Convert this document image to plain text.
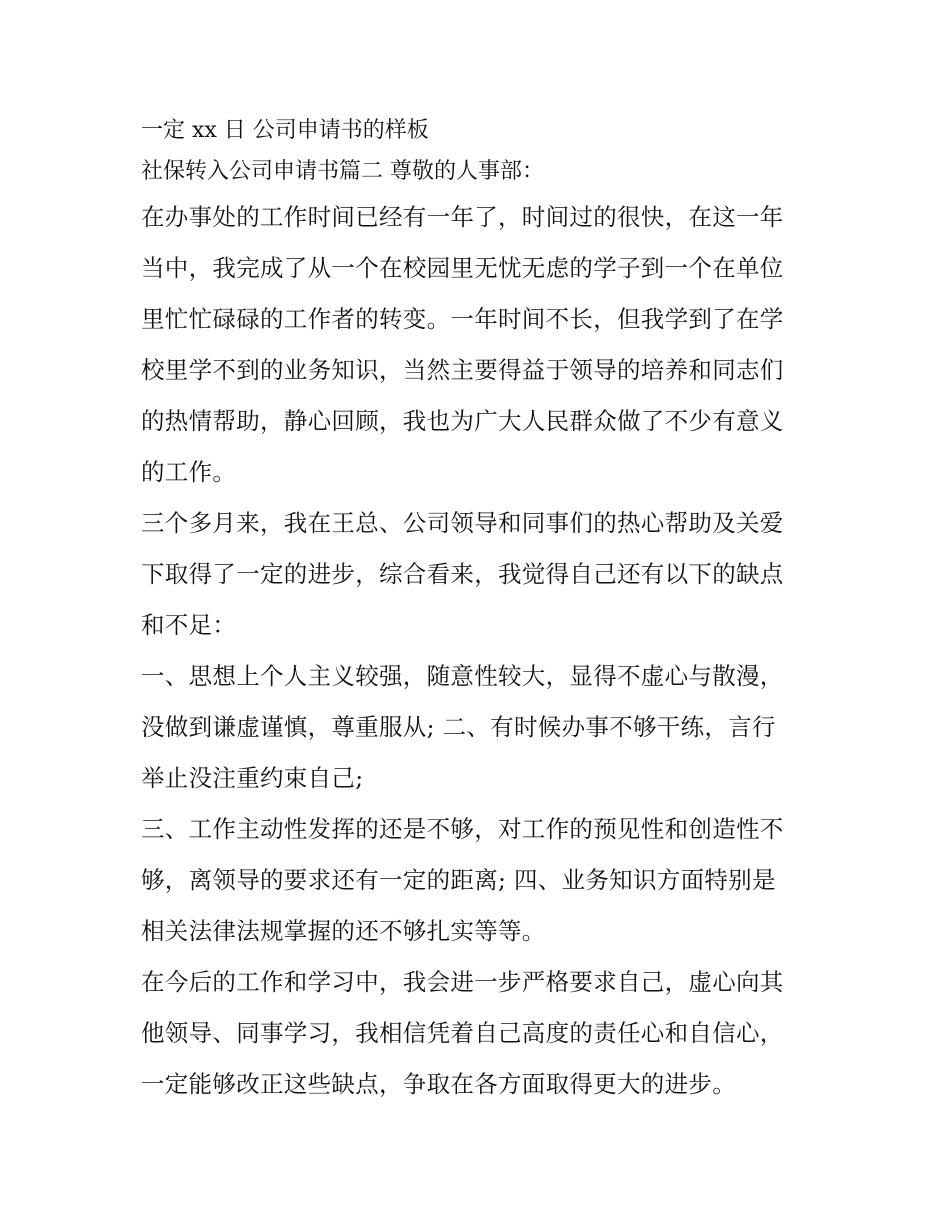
一定 xx 日 公司申请书的样板
社保转入公司申请书篇二 尊敬的人事部：
在办事处的工作时间已经有一年了，时间过的很快，在这一年
当中，我完成了从一个在校园里无忧无虑的学子到一个在单位
里忙忙碌碌的工作者的转变。一年时间不长，但我学到了在学
校里学不到的业务知识，当然主要得益于领导的培养和同志们
的热情帮助，静心回顾，我也为广大人民群众做了不少有意义
的工作。
三个多月来，我在王总、公司领导和同事们的热心帮助及关爱
下取得了一定的进步，综合看来，我觉得自己还有以下的缺点
和不足：
一、思想上个人主义较强，随意性较大，显得不虚心与散漫，
没做到谦虚谨慎，尊重服从; 二、有时候办事不够干练，言行
举止没注重约束自己;
三、工作主动性发挥的还是不够，对工作的预见性和创造性不
够，离领导的要求还有一定的距离; 四、业务知识方面特别是
相关法律法规掌握的还不够扎实等等。
在今后的工作和学习中，我会进一步严格要求自己，虚心向其
他领导、同事学习，我相信凭着自己高度的责任心和自信心，
一定能够改正这些缺点，争取在各方面取得更大的进步。
